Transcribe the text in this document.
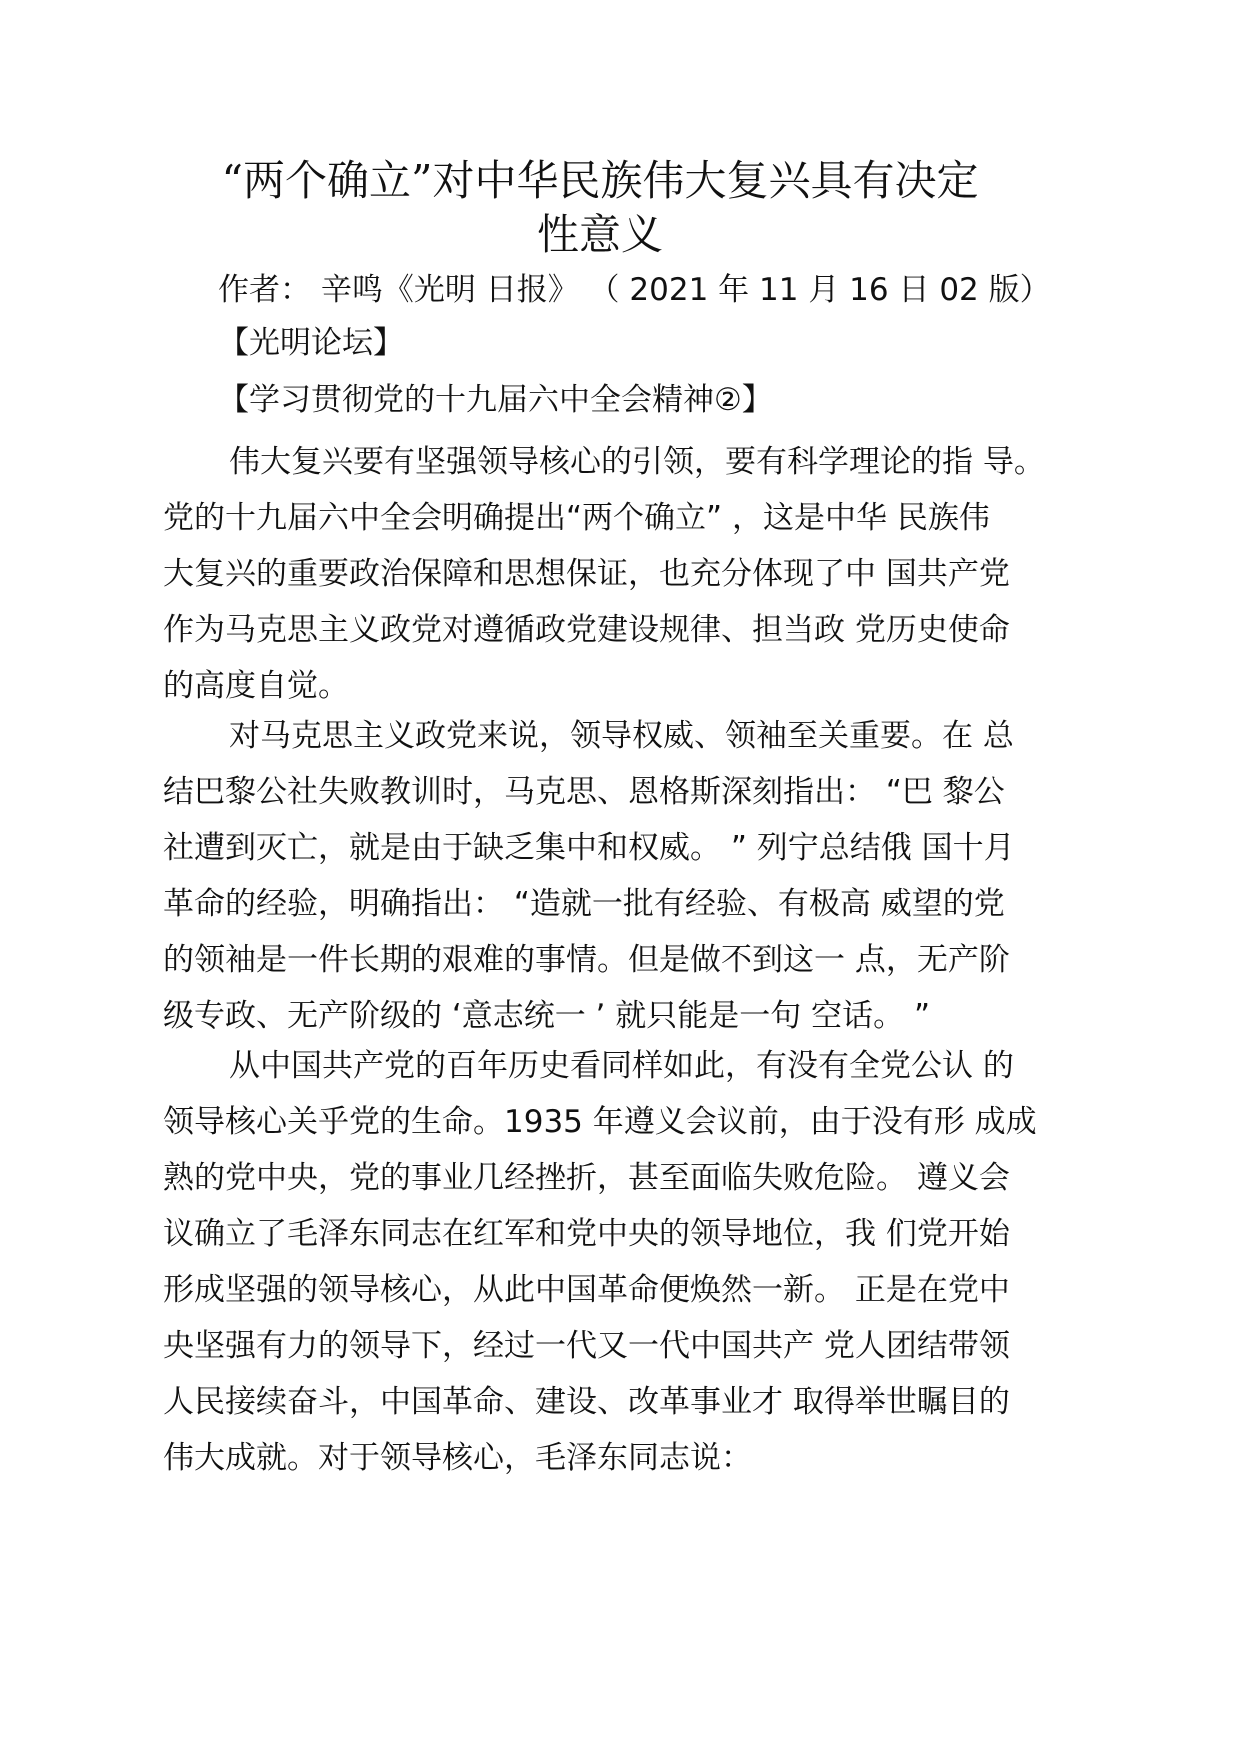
“两个确立”对中华民族伟大复兴具有决定
性意义

作者： 辛鸣《光明 日报》 （ 2021 年 11 月 16 日 02 版）

【光明论坛】

【学习贯彻党的十九届六中全会精神②】

伟大复兴要有坚强领导核心的引领，要有科学理论的指 导。
党的十九届六中全会明确提出“两个确立” ，这是中华 民族伟
大复兴的重要政治保障和思想保证，也充分体现了中 国共产党
作为马克思主义政党对遵循政党建设规律、担当政 党历史使命
的高度自觉。
对马克思主义政党来说，领导权威、领袖至关重要。在 总
结巴黎公社失败教训时，马克思、恩格斯深刻指出： “巴 黎公
社遭到灭亡，就是由于缺乏集中和权威。 ” 列宁总结俄 国十月
革命的经验，明确指出： “造就一批有经验、有极高 威望的党
的领袖是一件长期的艰难的事情。但是做不到这一 点，无产阶
级专政、无产阶级的 ‘意志统一 ’ 就只能是一句 空话。 ”
从中国共产党的百年历史看同样如此，有没有全党公认 的
领导核心关乎党的生命。1935 年遵义会议前，由于没有形 成成
熟的党中央，党的事业几经挫折，甚至面临失败危险。 遵义会
议确立了毛泽东同志在红军和党中央的领导地位，我 们党开始
形成坚强的领导核心，从此中国革命便焕然一新。 正是在党中
央坚强有力的领导下，经过一代又一代中国共产 党人团结带领
人民接续奋斗，中国革命、建设、改革事业才 取得举世瞩目的
伟大成就。对于领导核心，毛泽东同志说：
